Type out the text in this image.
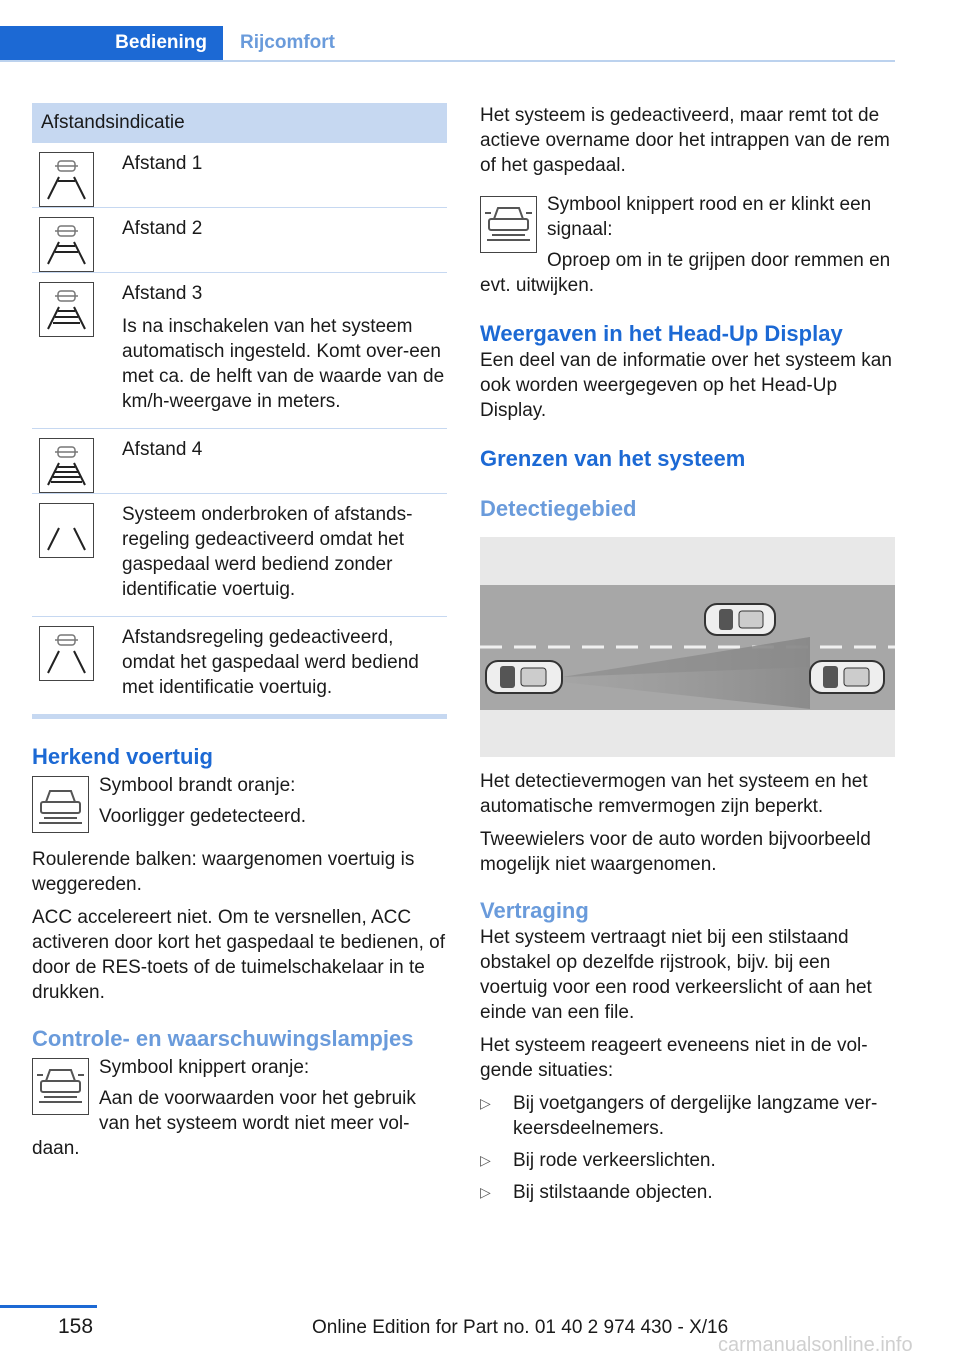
Bediening	Rijcomfort
Afstandsindicatie

Afstand 1

Afstand 2

Afstand 3

Is na inschakelen van het systeem automatisch ingesteld. Komt over-een met ca. de helft van de waarde van de km/h-weergave in meters.

Afstand 4

Systeem onderbroken of afstands-regeling gedeactiveerd omdat het gaspedaal werd bediend zonder identificatie voertuig.

Afstandsregeling gedeactiveerd, omdat het gaspedaal werd bediend met identificatie voertuig.

Herkend voertuig

Symbool brandt oranje:

Voorligger gedetecteerd.

Roulerende balken: waargenomen voertuig is weggereden.

ACC accelereert niet. Om te versnellen, ACC activeren door kort het gaspedaal te bedienen, of door de RES-toets of de tuimelschakelaar in te drukken.

Controle- en waarschuwingslampjes

Symbool knippert oranje:

Aan de voorwaarden voor het gebruik van het systeem wordt niet meer vol-daan.

Het systeem is gedeactiveerd, maar remt tot de actieve overname door het intrappen van de rem of het gaspedaal.

Symbool knippert rood en er klinkt een signaal:

Oproep om in te grijpen door remmen en evt. uitwijken.

Weergaven in het Head-Up Display

Een deel van de informatie over het systeem kan ook worden weergegeven op het Head-Up Display.

Grenzen van het systeem
Detectiegebied

Het detectievermogen van het systeem en het automatische remvermogen zijn beperkt.

Tweewielers voor de auto worden bijvoorbeeld mogelijk niet waargenomen.

Vertraging

Het systeem vertraagt niet bij een stilstaand obstakel op dezelfde rijstrook, bijv. bij een voertuig voor een rood verkeerslicht of aan het einde van een file.

Het systeem reageert eveneens niet in de vol-gende situaties:

▷ Bij voetgangers of dergelijke langzame ver-keersdeelnemers.
▷ Bij rode verkeerslichten.
▷ Bij stilstaande objecten.
158	Online Edition for Part no. 01 40 2 974 430 - X/16
carmanualsonline.info
